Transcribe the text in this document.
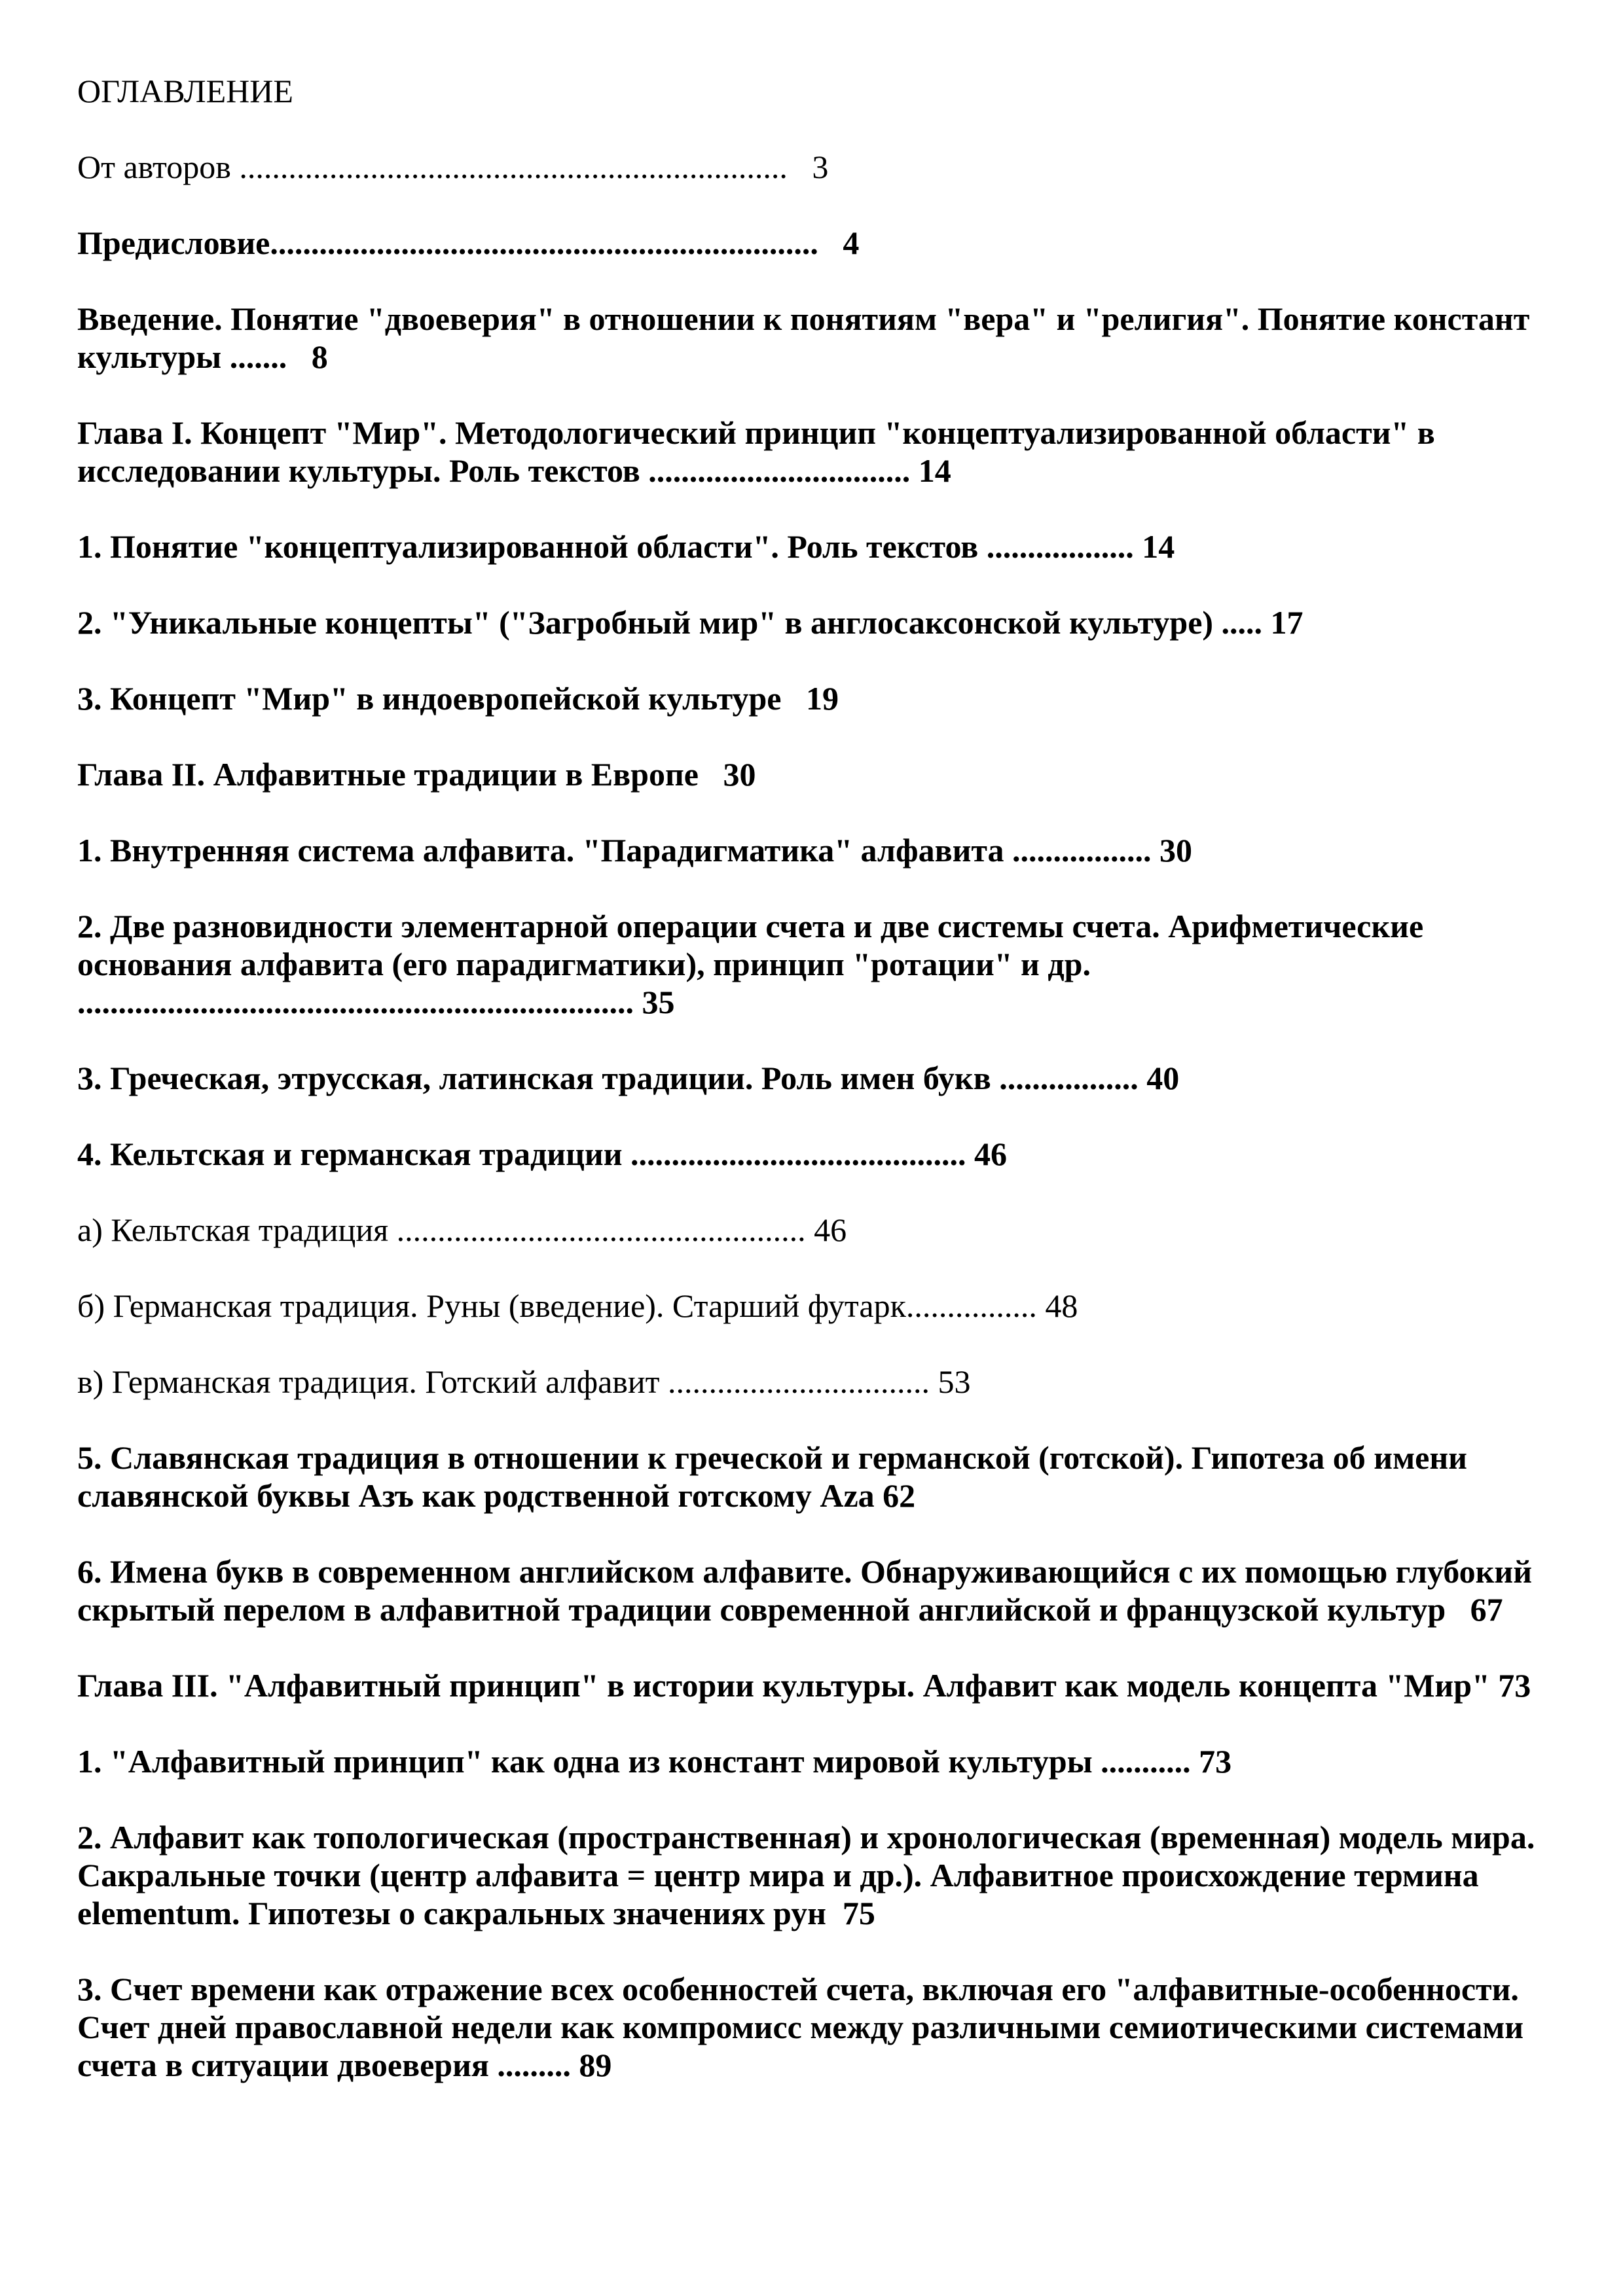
ОГЛАВЛЕНИЕ

От авторов ...................................................................   3

Предисловие...................................................................   4

Введение. Понятие "двоеверия" в отношении к понятиям "вера" и "религия". Понятие констант культуры .......   8

Глава I. Концепт "Мир". Методологический принцип "концептуализированной области" в исследовании культуры. Роль текстов ................................ 14

1. Понятие "концептуализированной области". Роль текстов .................. 14

2. "Уникальные концепты" ("Загробный мир" в англосаксонской культуре) ..... 17

3. Концепт "Мир" в индоевропейской культуре   19

Глава II. Алфавитные традиции в Европе   30

1. Внутренняя система алфавита. "Парадигматика" алфавита ................. 30

2. Две разновидности элементарной операции счета и две системы счета. Арифметические основания алфавита (его парадигматики), принцип "ротации" и др. .................................................................... 35

3. Греческая, этрусская, латинская традиции. Роль имен букв ................. 40

4. Кельтская и германская традиции ......................................... 46

а) Кельтская традиция .................................................. 46

б) Германская традиция. Руны (введение). Старший футарк................ 48

в) Германская традиция. Готский алфавит ................................ 53

5. Славянская традиция в отношении к греческой и германской (готской). Гипотеза об имени славянской буквы Азъ как родственной готскому Aza 62

6. Имена букв в современном английском алфавите. Обнаруживающийся с их помощью глубокий скрытый перелом в алфавитной традиции современной английской и французской культур   67

Глава III. "Алфавитный принцип" в истории культуры. Алфавит как модель концепта "Мир" 73

1. "Алфавитный принцип" как одна из констант мировой культуры ........... 73

2. Алфавит как топологическая (пространственная) и хронологическая (временная) модель мира. Сакральные точки (центр алфавита = центр мира и др.). Алфавитное происхождение термина elementum. Гипотезы о сакральных значениях рун  75

3. Счет времени как отражение всех особенностей счета, включая его "алфавитные-особенности. Счет дней православной недели как компромисс между различными семиотическими системами счета в ситуации двоеверия ......... 89
